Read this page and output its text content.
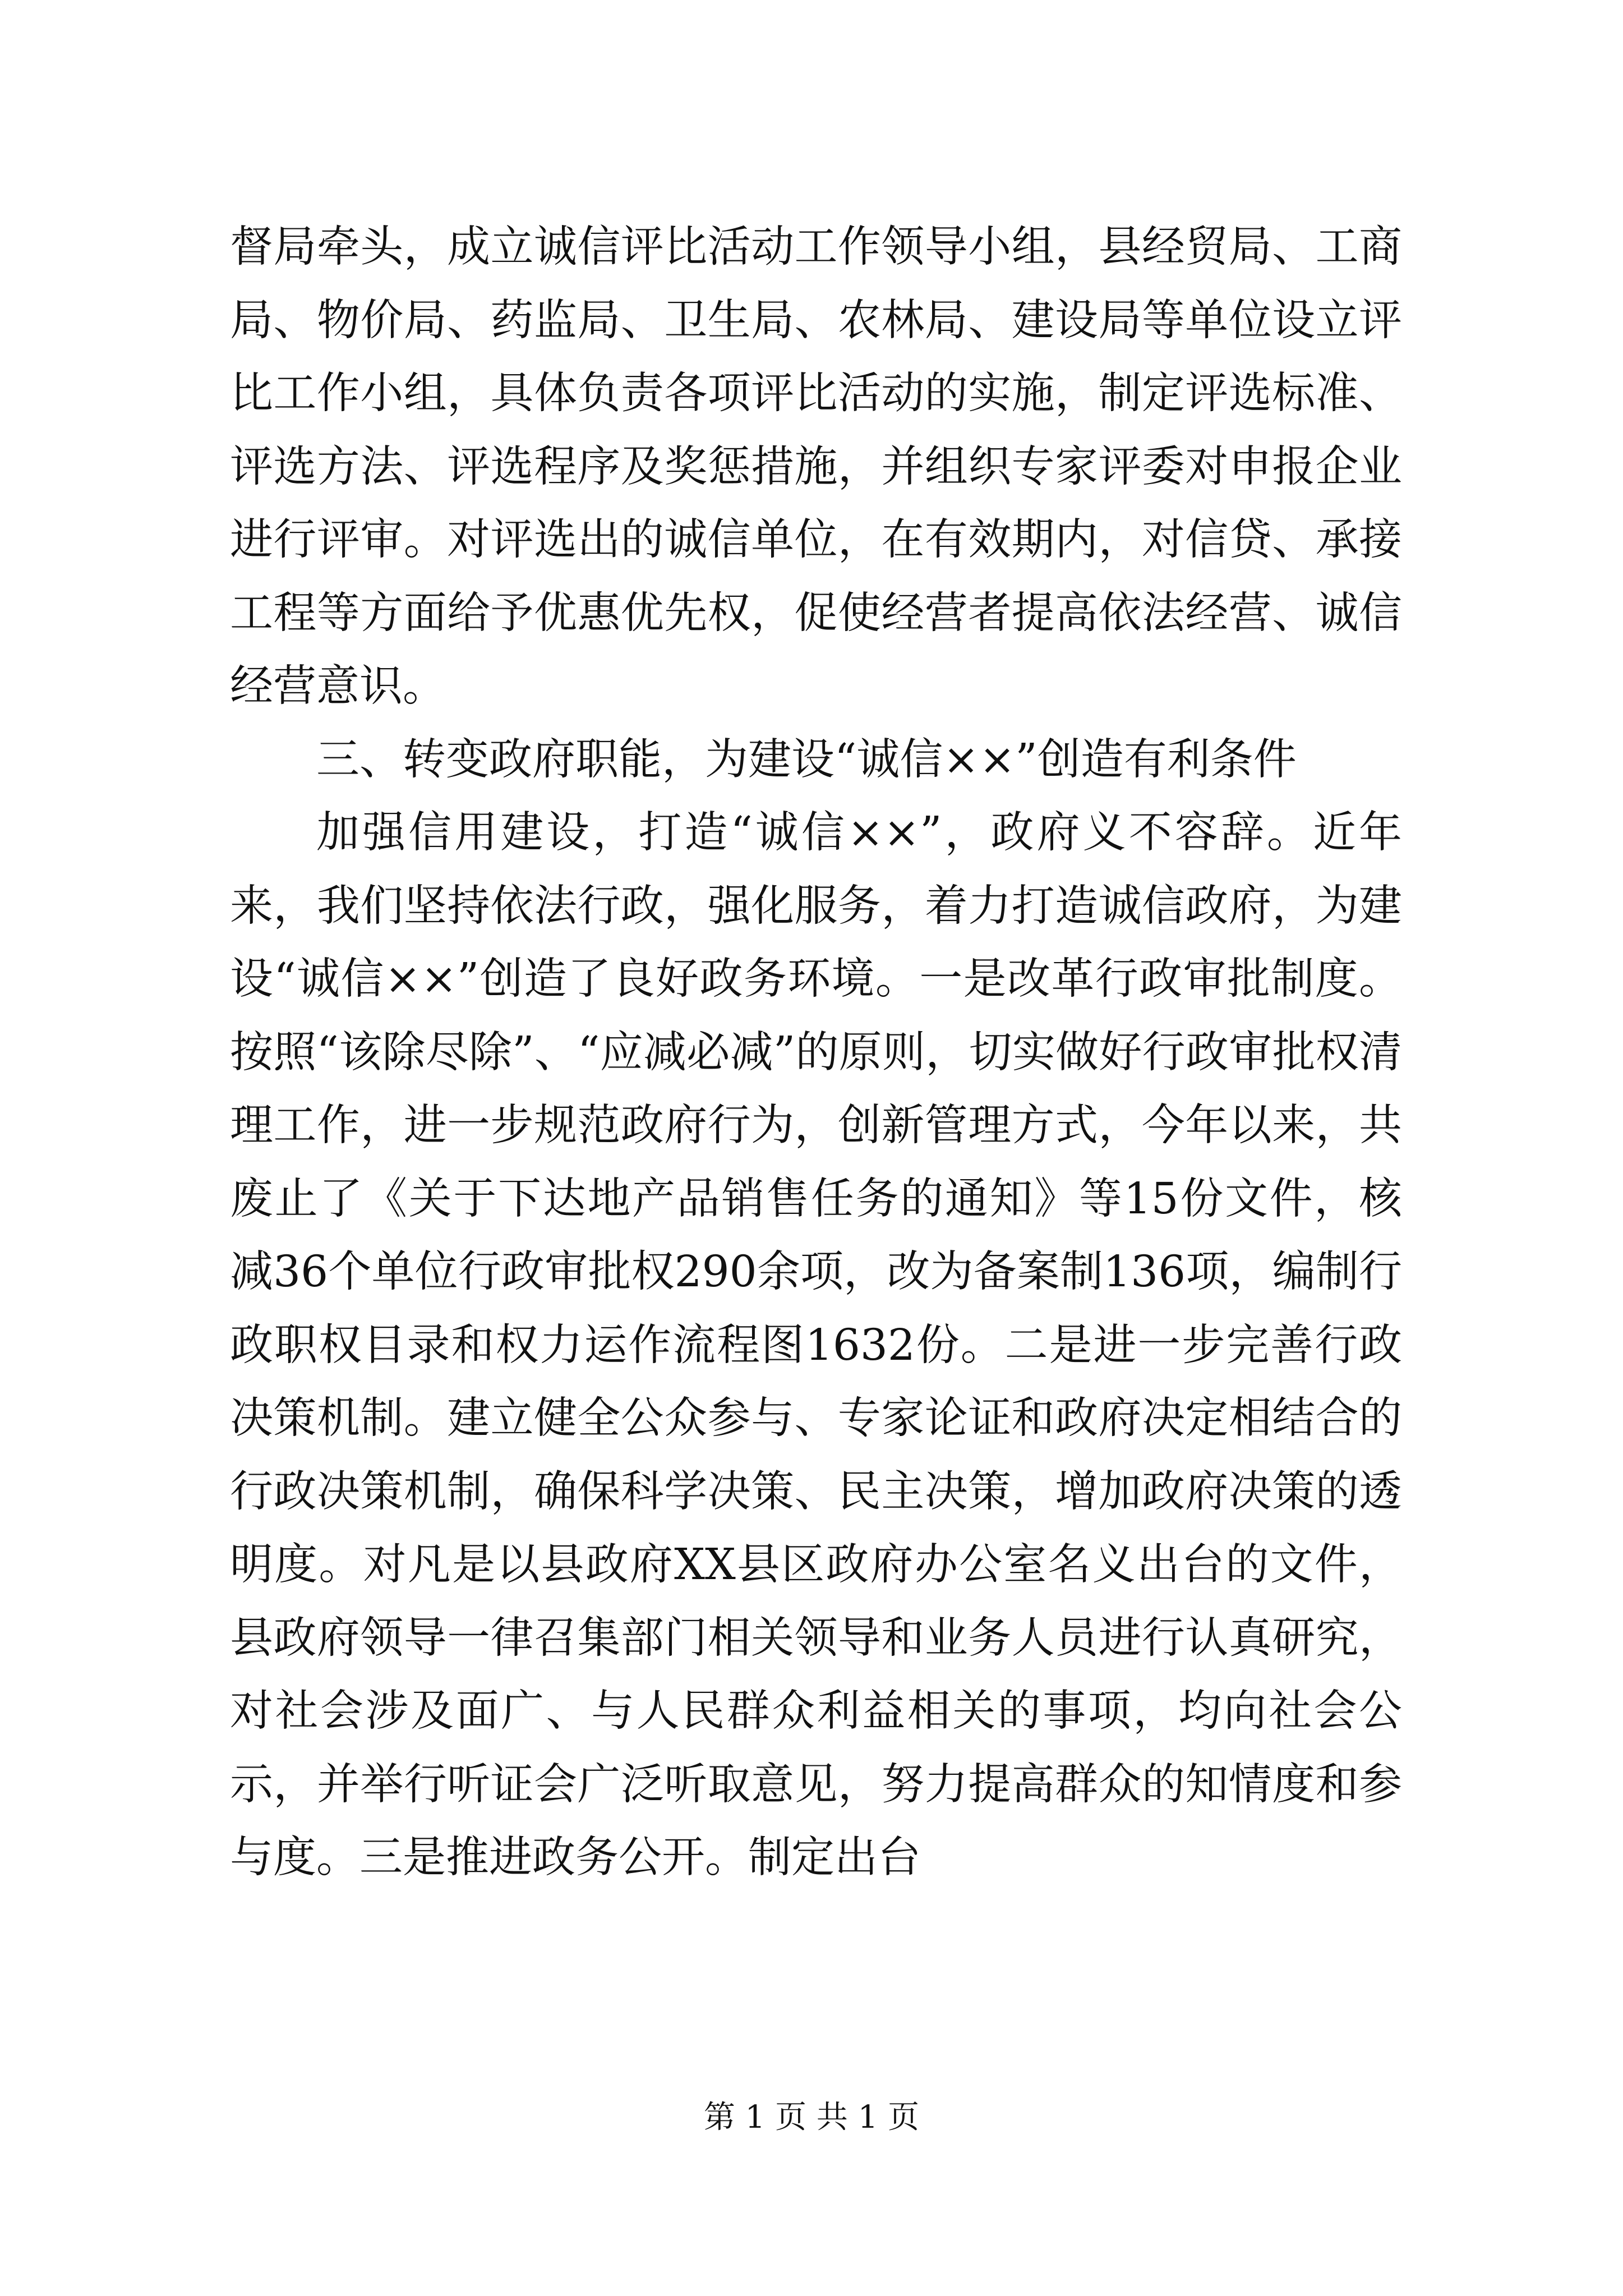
督局牵头，成立诚信评比活动工作领导小组，县经贸局、工商局、物价局、药监局、卫生局、农林局、建设局等单位设立评比工作小组，具体负责各项评比活动的实施，制定评选标准、评选方法、评选程序及奖惩措施，并组织专家评委对申报企业进行评审。对评选出的诚信单位，在有效期内，对信贷、承接工程等方面给予优惠优先权，促使经营者提高依法经营、诚信经营意识。

三、转变政府职能，为建设“诚信××”创造有利条件

加强信用建设，打造“诚信××”，政府义不容辞。近年来，我们坚持依法行政，强化服务，着力打造诚信政府，为建设“诚信××”创造了良好政务环境。一是改革行政审批制度。按照“该除尽除”、“应减必减”的原则，切实做好行政审批权清理工作，进一步规范政府行为，创新管理方式，今年以来，共废止了《关于下达地产品销售任务的通知》等15份文件，核减36个单位行政审批权290余项，改为备案制136项，编制行政职权目录和权力运作流程图1632份。二是进一步完善行政决策机制。建立健全公众参与、专家论证和政府决定相结合的行政决策机制，确保科学决策、民主决策，增加政府决策的透明度。对凡是以县政府XX县区政府办公室名义出台的文件，县政府领导一律召集部门相关领导和业务人员进行认真研究，对社会涉及面广、与人民群众利益相关的事项，均向社会公示，并举行听证会广泛听取意见，努力提高群众的知情度和参与度。三是推进政务公开。制定出台

第 1 页 共 1 页
